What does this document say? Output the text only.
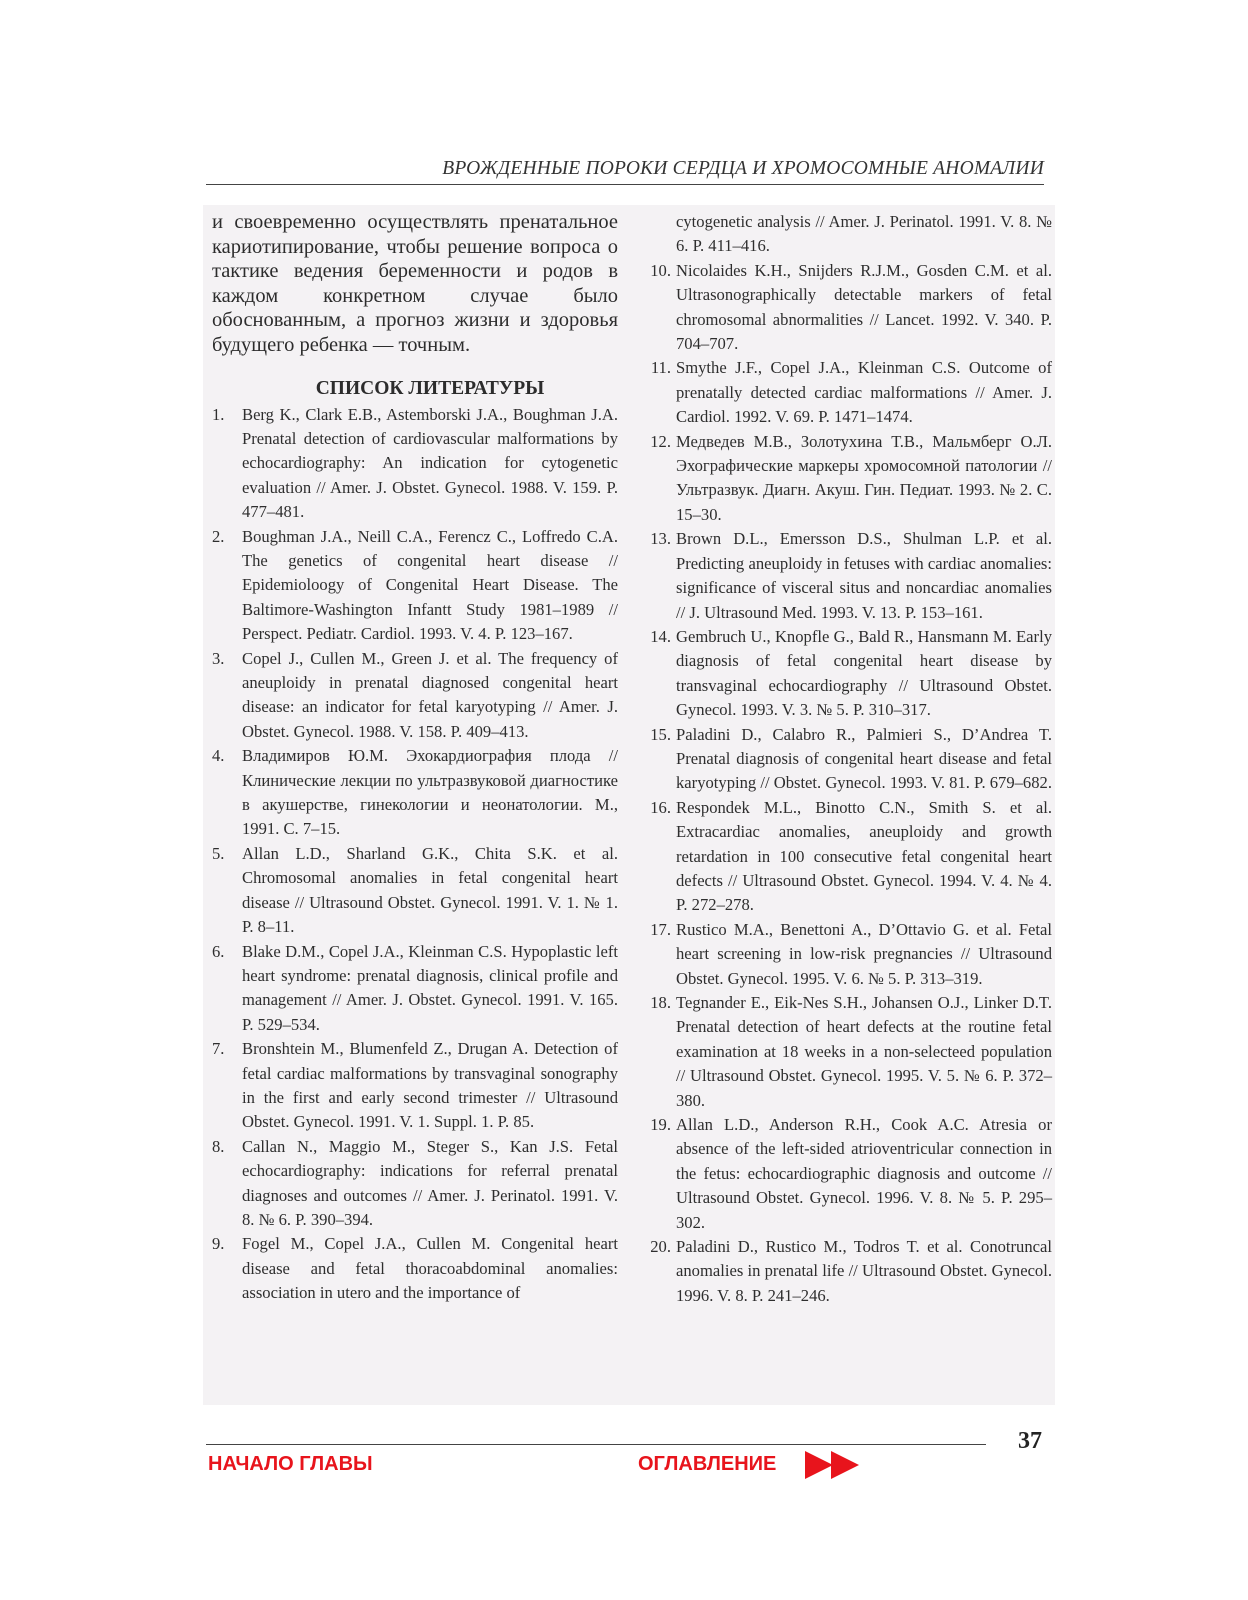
ВРОЖДЕННЫЕ ПОРОКИ СЕРДЦА И ХРОМОСОМНЫЕ АНОМАЛИИ

и своевременно осуществлять пренатальное кариотипирование, чтобы решение вопроса о тактике ведения беременности и родов в каждом конкретном случае было обоснованным, а прогноз жизни и здоровья будущего ребенка — точным.

СПИСОК ЛИТЕРАТУРЫ
1.	Berg K., Clark E.B., Astemborski J.A., Boughman J.A. Prenatal detection of cardiovascular malformations by echocardiography: An indication for cytogenetic evaluation // Amer. J. Obstet. Gynecol. 1988. V. 159. P. 477–481.
2.	Boughman J.A., Neill C.A., Ferencz C., Loffredo C.A. The genetics of congenital heart disease // Epidemioloogy of Congenital Heart Disease. The Baltimore-Washington Infantt Study 1981–1989 // Perspect. Pediatr. Cardiol. 1993. V. 4. P. 123–167.
3.	Copel J., Cullen M., Green J. et al. The frequency of aneuploidy in prenatal diagnosed congenital heart disease: an indicator for fetal karyotyping // Amer. J. Obstet. Gynecol. 1988. V. 158. P. 409–413.
4.	Владимиров Ю.М. Эхокардиография плода // Клинические лекции по ультразвуковой диагностике в акушерстве, гинекологии и неонатологии. М., 1991. С. 7–15.
5.	Allan L.D., Sharland G.K., Chita S.K. et al. Chromosomal anomalies in fetal congenital heart disease // Ultrasound Obstet. Gynecol. 1991. V. 1. № 1. P. 8–11.
6.	Blake D.M., Copel J.A., Kleinman C.S. Hypoplastic left heart syndrome: prenatal diagnosis, clinical profile and management // Amer. J. Obstet. Gynecol. 1991. V. 165. P. 529–534.
7.	Bronshtein M., Blumenfeld Z., Drugan A. Detection of fetal cardiac malformations by transvaginal sonography in the first and early second trimester // Ultrasound Obstet. Gynecol. 1991. V. 1. Suppl. 1. P. 85.
8.	Callan N., Maggio M., Steger S., Kan J.S. Fetal echocardiography: indications for referral prenatal diagnoses and outcomes // Amer. J. Perinatol. 1991. V. 8. № 6. P. 390–394.
9.	Fogel M., Copel J.A., Cullen M. Congenital heart disease and fetal thoracoabdominal anomalies: association in utero and the importance of
cytogenetic analysis // Amer. J. Perinatol. 1991. V. 8. № 6. P. 411–416.
10. Nicolaides K.H., Snijders R.J.M., Gosden C.M. et al. Ultrasonographically detectable markers of fetal chromosomal abnormalities // Lancet. 1992. V. 340. P. 704–707.
11. Smythe J.F., Copel J.A., Kleinman C.S. Outcome of prenatally detected cardiac malformations // Amer. J. Cardiol. 1992. V. 69. P. 1471–1474.
12. Медведев М.В., Золотухина Т.В., Мальмберг О.Л. Эхографические маркеры хромосомной патологии // Ультразвук. Диагн. Акуш. Гин. Педиат. 1993. № 2. С. 15–30.
13. Brown D.L., Emersson D.S., Shulman L.P. et al. Predicting aneuploidy in fetuses with cardiac anomalies: significance of visceral situs and noncardiac anomalies // J. Ultrasound Med. 1993. V. 13. P. 153–161.
14. Gembruch U., Knopfle G., Bald R., Hansmann M. Early diagnosis of fetal congenital heart disease by transvaginal echocardiography // Ultrasound Obstet. Gynecol. 1993. V. 3. № 5. P. 310–317.
15. Paladini D., Calabro R., Palmieri S., D’Andrea T. Prenatal diagnosis of congenital heart disease and fetal karyotyping // Obstet. Gynecol. 1993. V. 81. P. 679–682.
16. Respondek M.L., Binotto C.N., Smith S. et al. Extracardiac anomalies, aneuploidy and growth retardation in 100 consecutive fetal congenital heart defects // Ultrasound Obstet. Gynecol. 1994. V. 4. № 4. P. 272–278.
17. Rustico M.A., Benettoni A., D’Ottavio G. et al. Fetal heart screening in low-risk pregnancies // Ultrasound Obstet. Gynecol. 1995. V. 6. № 5. P. 313–319.
18. Tegnander E., Eik-Nes S.H., Johansen O.J., Linker D.T. Prenatal detection of heart defects at the routine fetal examination at 18 weeks in a non-selecteed population // Ultrasound Obstet. Gynecol. 1995. V. 5. № 6. P. 372–380.
19. Allan L.D., Anderson R.H., Cook A.C. Atresia or absence of the left-sided atrioventricular connection in the fetus: echocardiographic diagnosis and outcome // Ultrasound Obstet. Gynecol. 1996. V. 8. № 5. P. 295–302.
20. Paladini D., Rustico M., Todros T. et al. Conotruncal anomalies in prenatal life // Ultrasound Obstet. Gynecol. 1996. V. 8. P. 241–246.
37
НАЧАЛО ГЛАВЫ	ОГЛАВЛЕНИЕ
